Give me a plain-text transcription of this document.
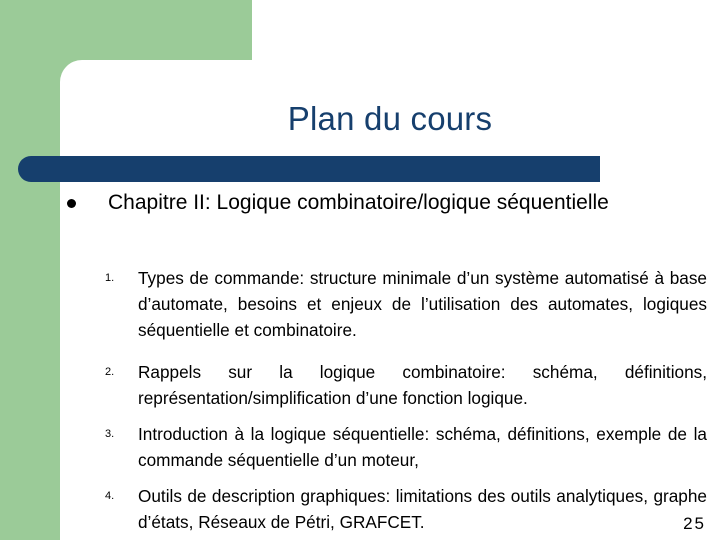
Plan du cours
Chapitre II: Logique combinatoire/logique séquentielle
1. Types de commande: structure minimale d’un système automatisé à base d’automate, besoins et enjeux de l’utilisation des automates, logiques séquentielle et combinatoire.
2. Rappels sur la logique combinatoire: schéma, définitions, représentation/simplification d’une fonction logique.
3. Introduction à la logique séquentielle: schéma, définitions, exemple de la commande séquentielle d’un moteur,
4. Outils de description graphiques: limitations des outils analytiques, graphe d’états, Réseaux de Pétri, GRAFCET.	25
